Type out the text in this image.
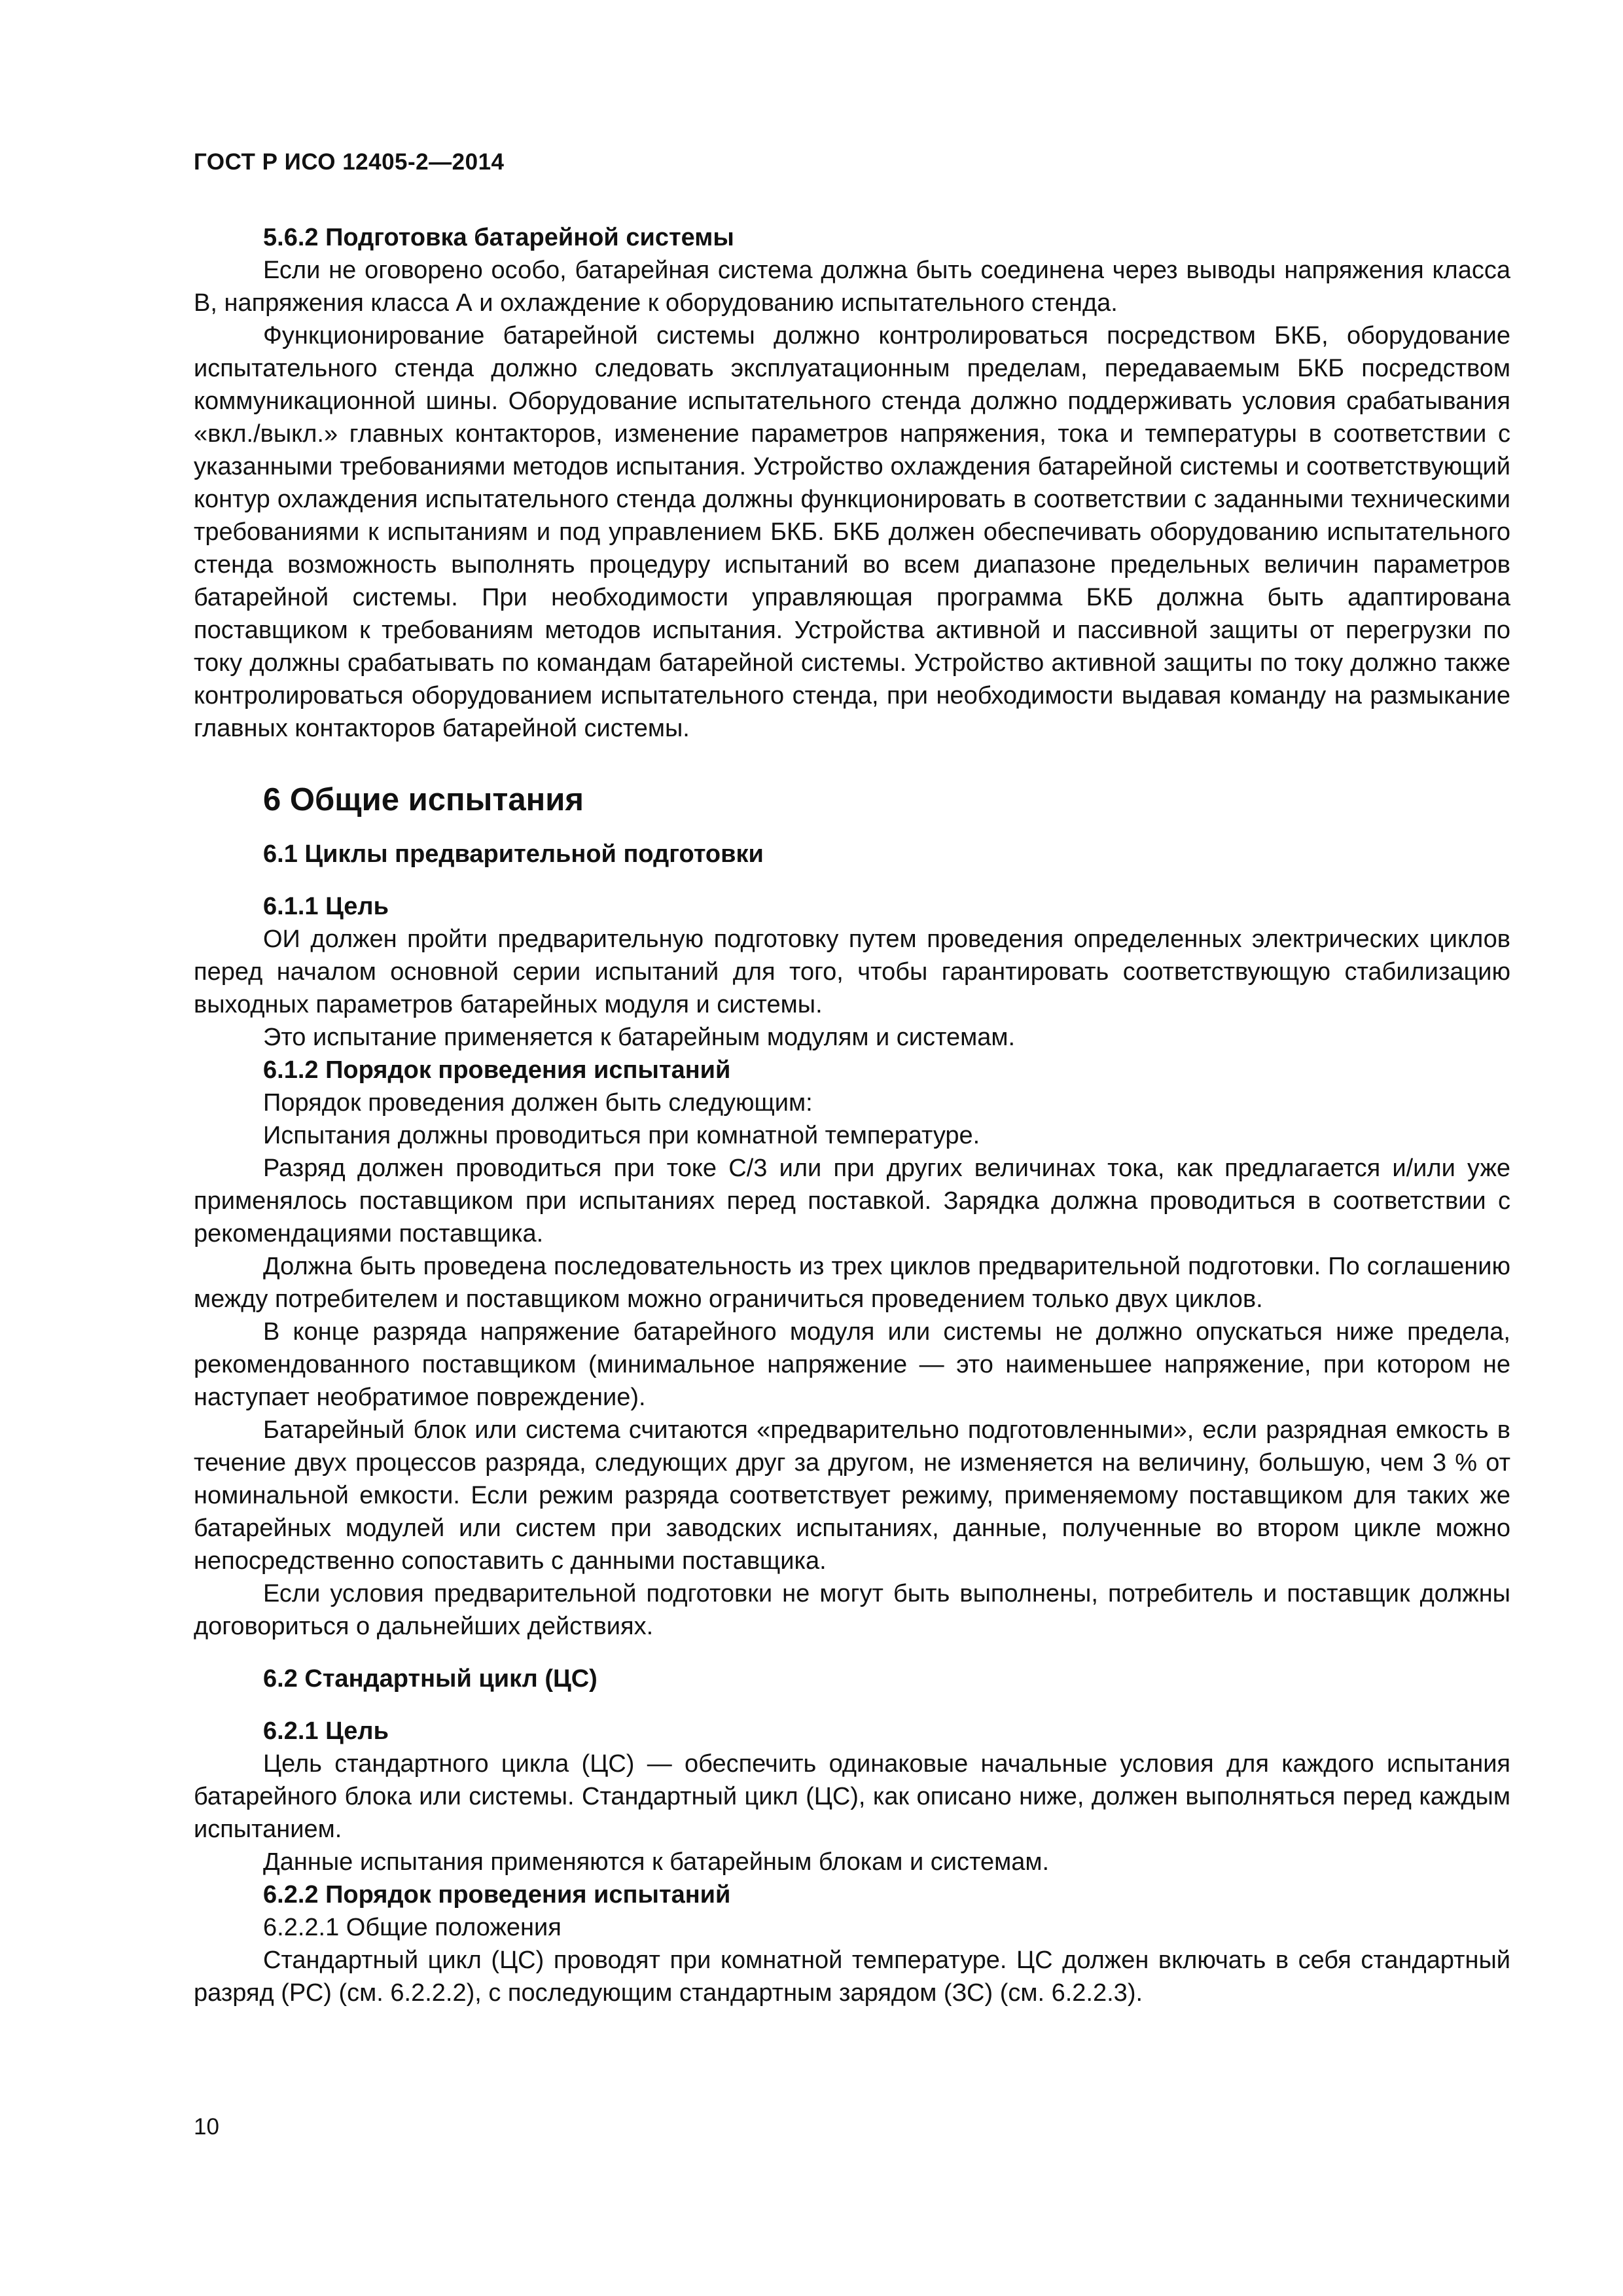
ГОСТ Р ИСО 12405-2—2014
5.6.2 Подготовка батарейной системы

Если не оговорено особо, батарейная система должна быть соединена через выводы напряжения класса В, напряжения класса А и охлаждение к оборудованию испытательного стенда.

Функционирование батарейной системы должно контролироваться посредством БКБ, оборудование испытательного стенда должно следовать эксплуатационным пределам, передаваемым БКБ посредством коммуникационной шины. Оборудование испытательного стенда должно поддерживать условия срабатывания «вкл./выкл.» главных контакторов, изменение параметров напряжения, тока и температуры в соответствии с указанными требованиями методов испытания. Устройство охлаждения батарейной системы и соответствующий контур охлаждения испытательного стенда должны функционировать в соответствии с заданными техническими требованиями к испытаниям и под управлением БКБ. БКБ должен обеспечивать оборудованию испытательного стенда возможность выполнять процедуру испытаний во всем диапазоне предельных величин параметров батарейной системы. При необходимости управляющая программа БКБ должна быть адаптирована поставщиком к требованиям методов испытания. Устройства активной и пассивной защиты от перегрузки по току должны срабатывать по командам батарейной системы. Устройство активной защиты по току должно также контролироваться оборудованием испытательного стенда, при необходимости выдавая команду на размыкание главных контакторов батарейной системы.

6 Общие испытания
6.1 Циклы предварительной подготовки
6.1.1 Цель

ОИ должен пройти предварительную подготовку путем проведения определенных электрических циклов перед началом основной серии испытаний для того, чтобы гарантировать соответствующую стабилизацию выходных параметров батарейных модуля и системы.

Это испытание применяется к батарейным модулям и системам.

6.1.2 Порядок проведения испытаний

Порядок проведения должен быть следующим:

Испытания должны проводиться при комнатной температуре.

Разряд должен проводиться при токе С/3 или при других величинах тока, как предлагается и/или уже применялось поставщиком при испытаниях перед поставкой. Зарядка должна проводиться в соответствии с рекомендациями поставщика.

Должна быть проведена последовательность из трех циклов предварительной подготовки. По соглашению между потребителем и поставщиком можно ограничиться проведением только двух циклов.

В конце разряда напряжение батарейного модуля или системы не должно опускаться ниже предела, рекомендованного поставщиком (минимальное напряжение — это наименьшее напряжение, при котором не наступает необратимое повреждение).

Батарейный блок или система считаются «предварительно подготовленными», если разрядная емкость в течение двух процессов разряда, следующих друг за другом, не изменяется на величину, большую, чем 3 % от номинальной емкости. Если режим разряда соответствует режиму, применяемому поставщиком для таких же батарейных модулей или систем при заводских испытаниях, данные, полученные во втором цикле можно непосредственно сопоставить с данными поставщика.

Если условия предварительной подготовки не могут быть выполнены, потребитель и поставщик должны договориться о дальнейших действиях.

6.2 Стандартный цикл (ЦС)
6.2.1 Цель

Цель стандартного цикла (ЦС) — обеспечить одинаковые начальные условия для каждого испытания батарейного блока или системы. Стандартный цикл (ЦС), как описано ниже, должен выполняться перед каждым испытанием.

Данные испытания применяются к батарейным блокам и системам.

6.2.2 Порядок проведения испытаний

6.2.2.1 Общие положения

Стандартный цикл (ЦС) проводят при комнатной температуре. ЦС должен включать в себя стандартный разряд (РС) (см. 6.2.2.2), с последующим стандартным зарядом (ЗС) (см. 6.2.2.3).

10
